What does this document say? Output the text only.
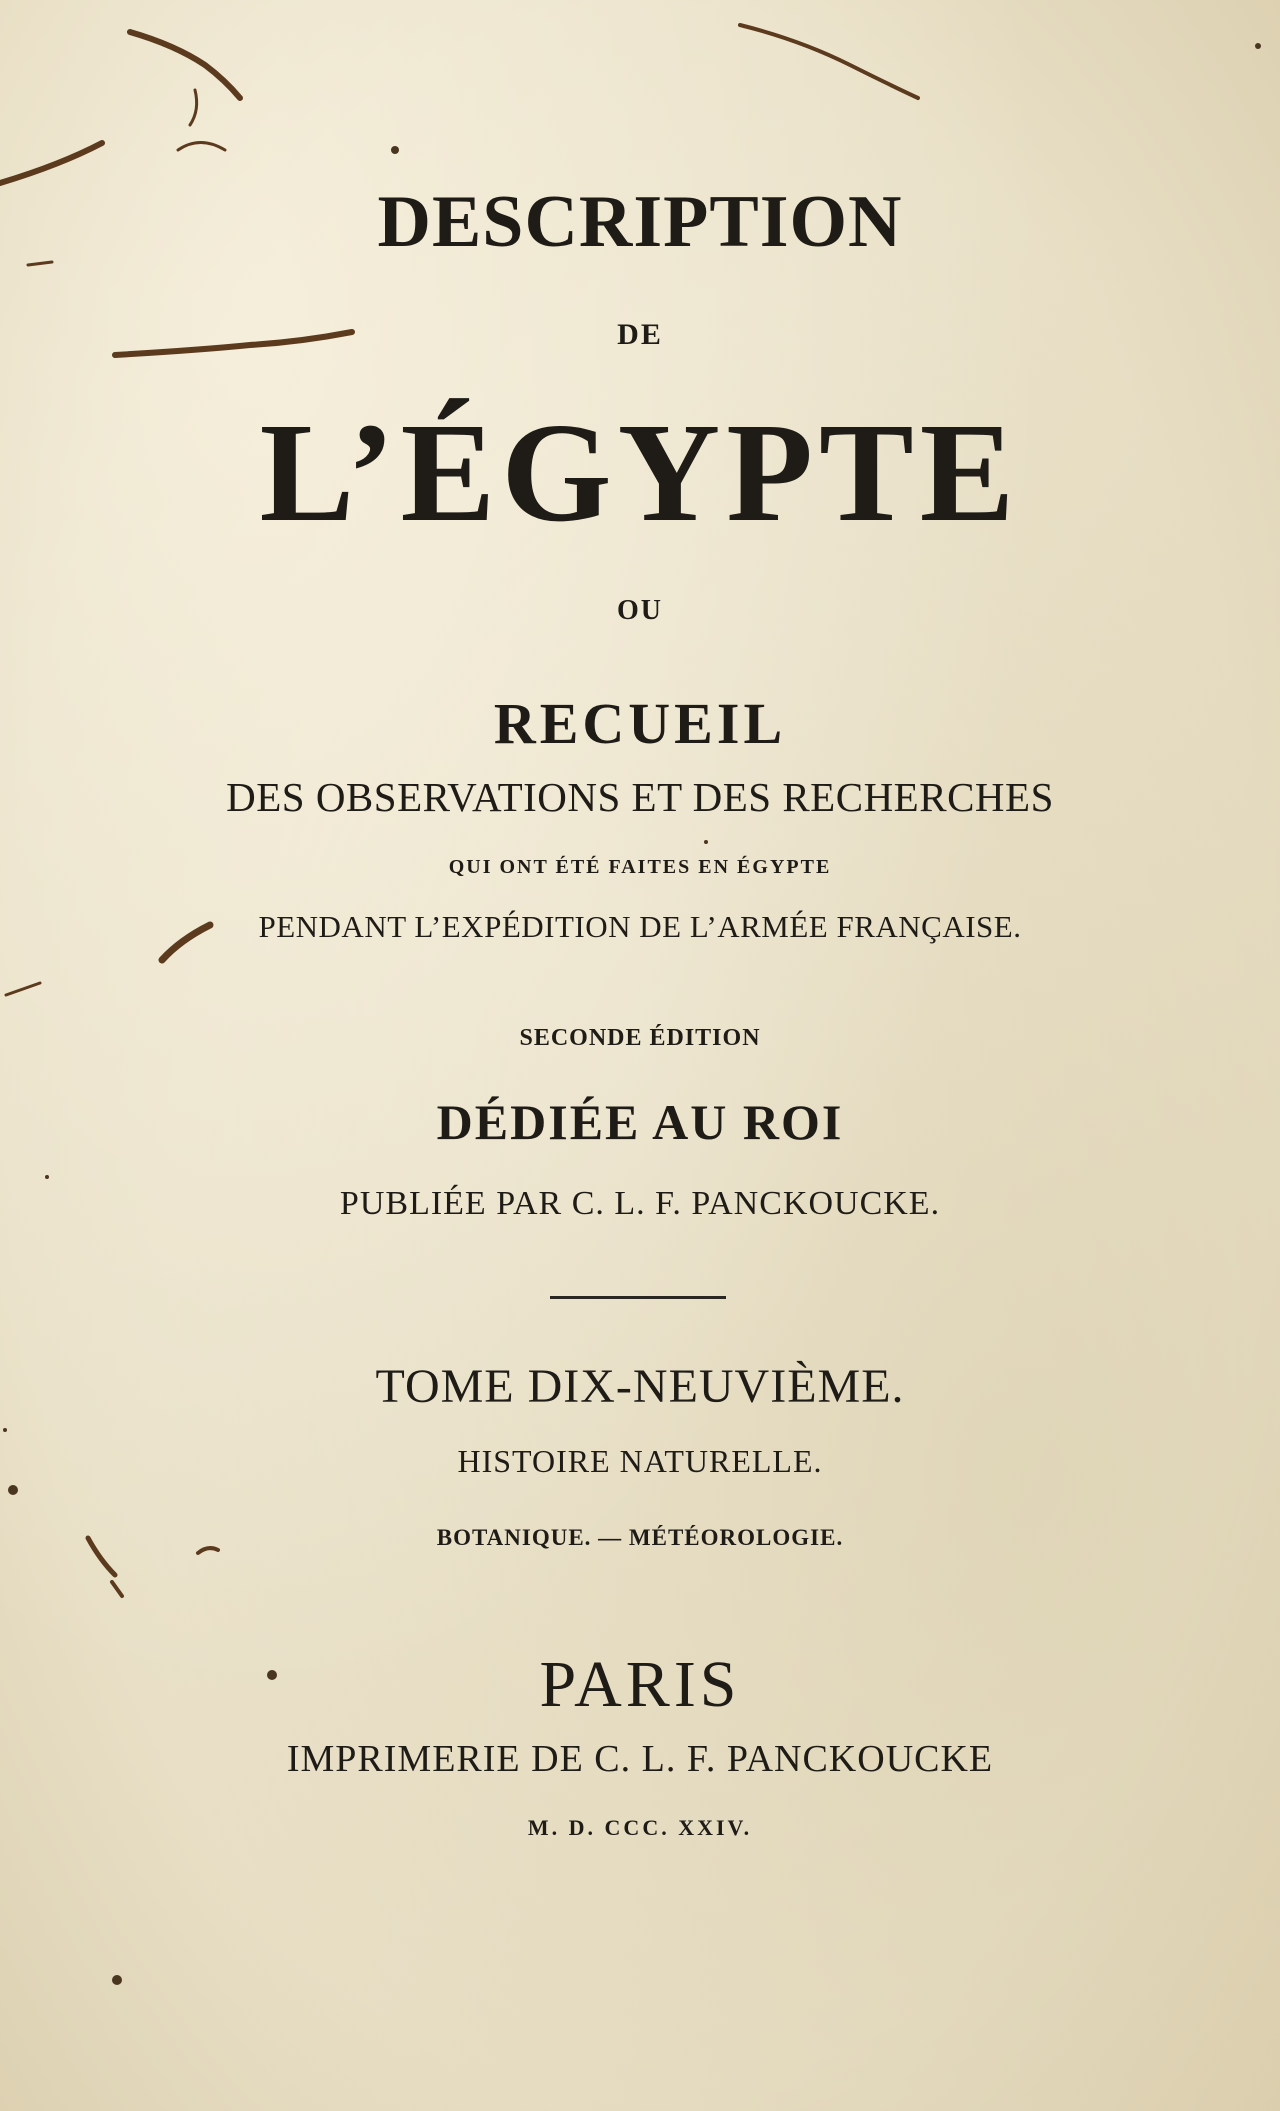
DESCRIPTION
DE
L’ÉGYPTE
OU
RECUEIL
DES OBSERVATIONS ET DES RECHERCHES
QUI ONT ÉTÉ FAITES EN ÉGYPTE
PENDANT L’EXPÉDITION DE L’ARMÉE FRANÇAISE.
SECONDE ÉDITION
DÉDIÉE AU ROI
PUBLIÉE PAR C. L. F. PANCKOUCKE.
TOME DIX-NEUVIÈME.
HISTOIRE NATURELLE.
BOTANIQUE. — MÉTÉOROLOGIE.
PARIS
IMPRIMERIE DE C. L. F. PANCKOUCKE
M. D. CCC. XXIV.
